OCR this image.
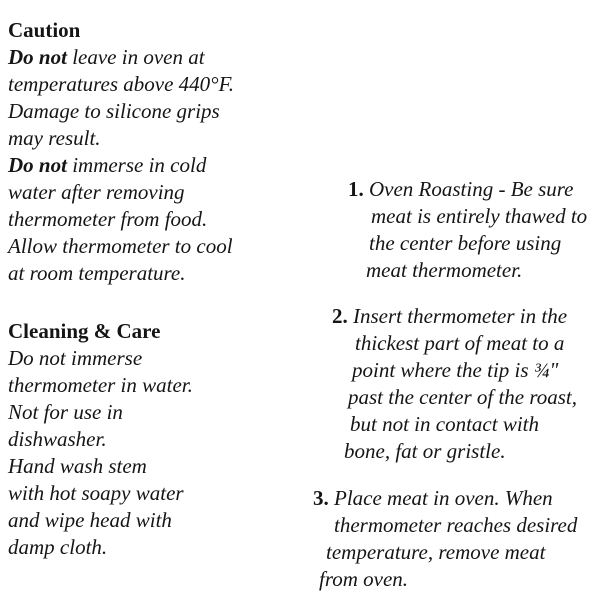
Caution
Do not leave in oven at
temperatures above 440°F.
Damage to silicone grips
may result.
Do not immerse in cold
water after removing
thermometer from food.
Allow thermometer to cool
at room temperature.
Cleaning & Care
Do not immerse
thermometer in water.
Not for use in
dishwasher.
Hand wash stem
with hot soapy water
and wipe head with
damp cloth.
1. Oven Roasting - Be sure
meat is entirely thawed to
the center before using
meat thermometer.
2. Insert thermometer in the
thickest part of meat to a
point where the tip is ¾"
past the center of the roast,
but not in contact with
bone, fat or gristle.
3. Place meat in oven. When
thermometer reaches desired
temperature, remove meat
from oven.
